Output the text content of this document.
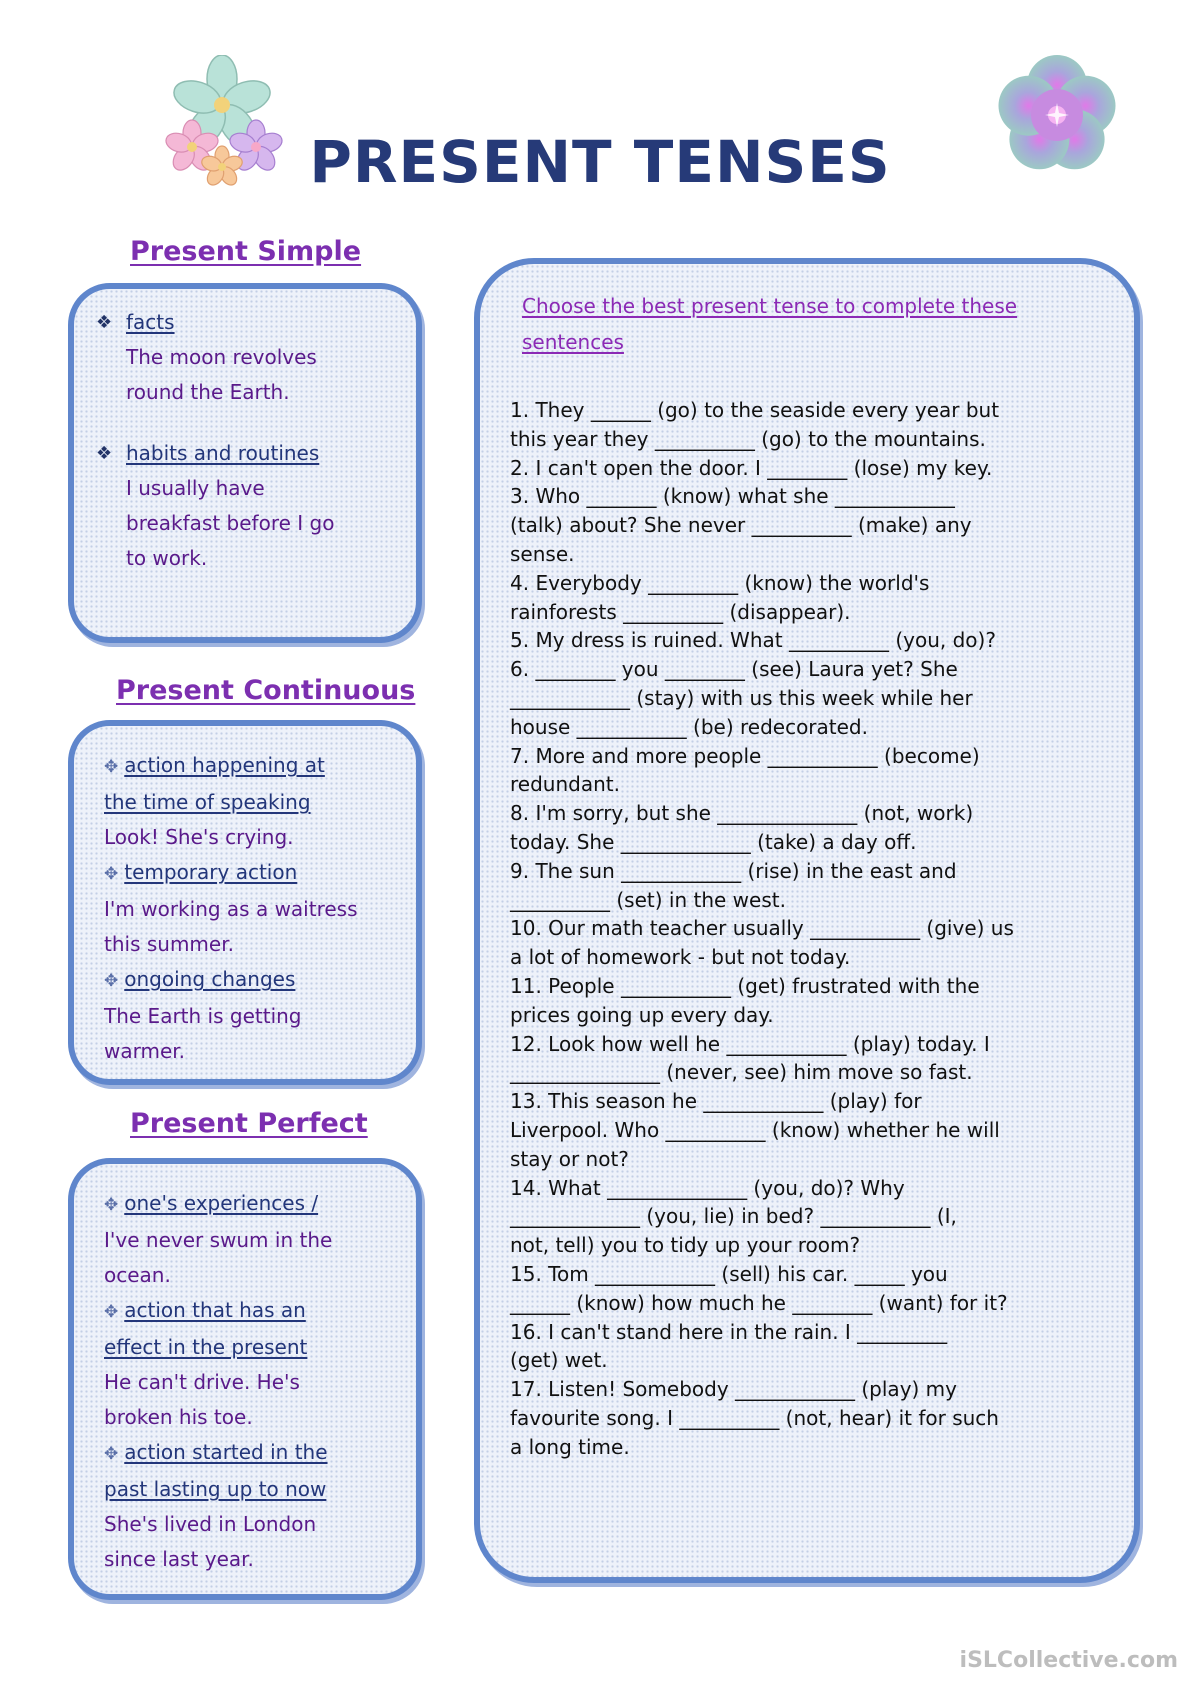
PRESENT TENSES
Present Simple
❖ facts
The moon revolves
round the Earth.
❖ habits and routines
I usually have
breakfast before I go
to work.
Present Continuous
✥ action happening at
the time of speaking
Look! She's crying.
✥ temporary action
I'm working as a waitress
this summer.
✥ ongoing changes
The Earth is getting
warmer.
Present Perfect
✥ one's experiences /
I've never swum in the
ocean.
✥ action that has an
effect in the present
He can't drive. He's
broken his toe.
✥ action started in the
past lasting up to now
She's lived in London
since last year.
Choose the best present tense to complete these
sentences

1. They ______ (go) to the seaside every year but

this year they __________ (go) to the mountains.

2. I can't open the door. I ________ (lose) my key.

3. Who _______ (know) what she ____________

(talk) about? She never __________ (make) any

sense.

4. Everybody _________ (know) the world's

rainforests __________ (disappear).

5. My dress is ruined. What __________ (you, do)?

6. ________ you ________ (see) Laura yet? She

____________ (stay) with us this week while her

house ___________ (be) redecorated.

7. More and more people ___________ (become)

redundant.

8. I'm sorry, but she ______________ (not, work)

today. She _____________ (take) a day off.

9. The sun ____________ (rise) in the east and

__________ (set) in the west.

10. Our math teacher usually ___________ (give) us

a lot of homework - but not today.

11. People ___________ (get) frustrated with the

prices going up every day.

12. Look how well he ____________ (play) today. I

_______________ (never, see) him move so fast.

13. This season he ____________ (play) for

Liverpool. Who __________ (know) whether he will

stay or not?

14. What ______________ (you, do)? Why

_____________ (you, lie) in bed? ___________ (I,

not, tell) you to tidy up your room?

15. Tom ____________ (sell) his car. _____ you

______ (know) how much he ________ (want) for it?

16. I can't stand here in the rain. I _________

(get) wet.

17. Listen! Somebody ____________ (play) my

favourite song. I __________ (not, hear) it for such

a long time.

iSLCollective.com
